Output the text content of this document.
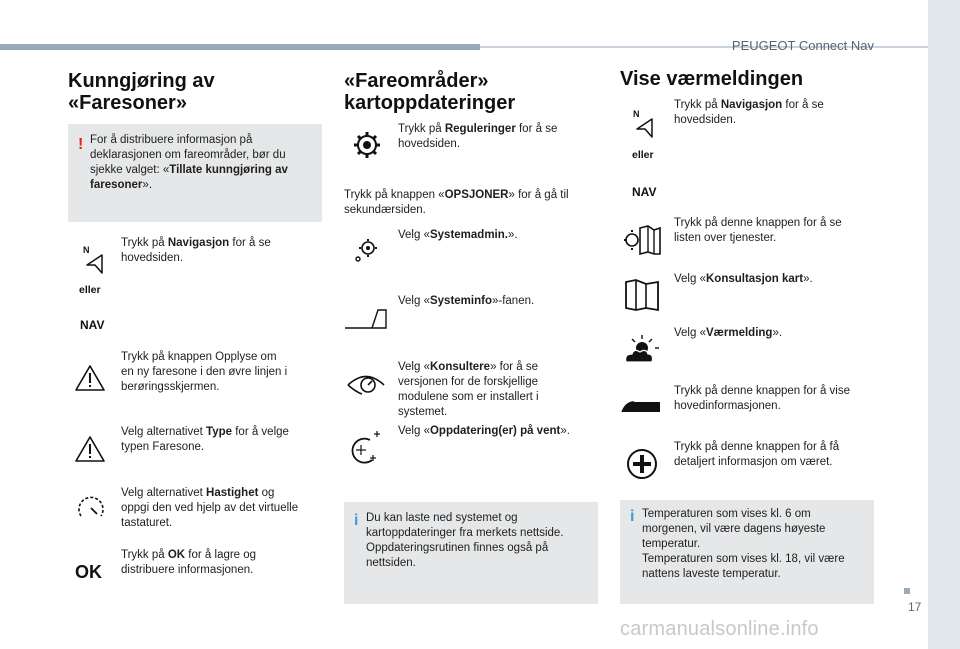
PEUGEOT Connect Nav
17
carmanualsonline.info
Kunngjøring av
«Faresoner»
! For å distribuere informasjon på
deklarasjonen om fareområder, bør du
sjekke valget: «Tillate kunngjøring av
faresoner».
N
Trykk på Navigasjon for å se
hovedsiden.
eller
NAV
Trykk på knappen Opplyse om
en ny faresone i den øvre linjen i
berøringsskjermen.
Velg alternativet Type for å velge
typen Faresone.
Velg alternativet Hastighet og
oppgi den ved hjelp av det virtuelle
tastaturet.
OK
Trykk på OK for å lagre og
distribuere informasjonen.
«Fareområder»
kartoppdateringer
Trykk på Reguleringer for å se
hovedsiden.
Trykk på knappen «OPSJONER» for å gå til
sekundærsiden.
Velg «Systemadmin.».
Velg «Systeminfo»-fanen.
Velg «Konsultere» for å se
versjonen for de forskjellige
modulene som er installert i
systemet.
Velg «Oppdatering(er) på vent».
i Du kan laste ned systemet og
kartoppdateringer fra merkets nettside.
Oppdateringsrutinen finnes også på
nettsiden.
Vise værmeldingen
N
Trykk på Navigasjon for å se
hovedsiden.
eller
NAV
Trykk på denne knappen for å se
listen over tjenester.
Velg «Konsultasjon kart».
Velg «Værmelding».
Trykk på denne knappen for å vise
hovedinformasjonen.
Trykk på denne knappen for å få
detaljert informasjon om været.
i Temperaturen som vises kl. 6 om
morgenen, vil være dagens høyeste
temperatur.
Temperaturen som vises kl. 18, vil være
nattens laveste temperatur.
